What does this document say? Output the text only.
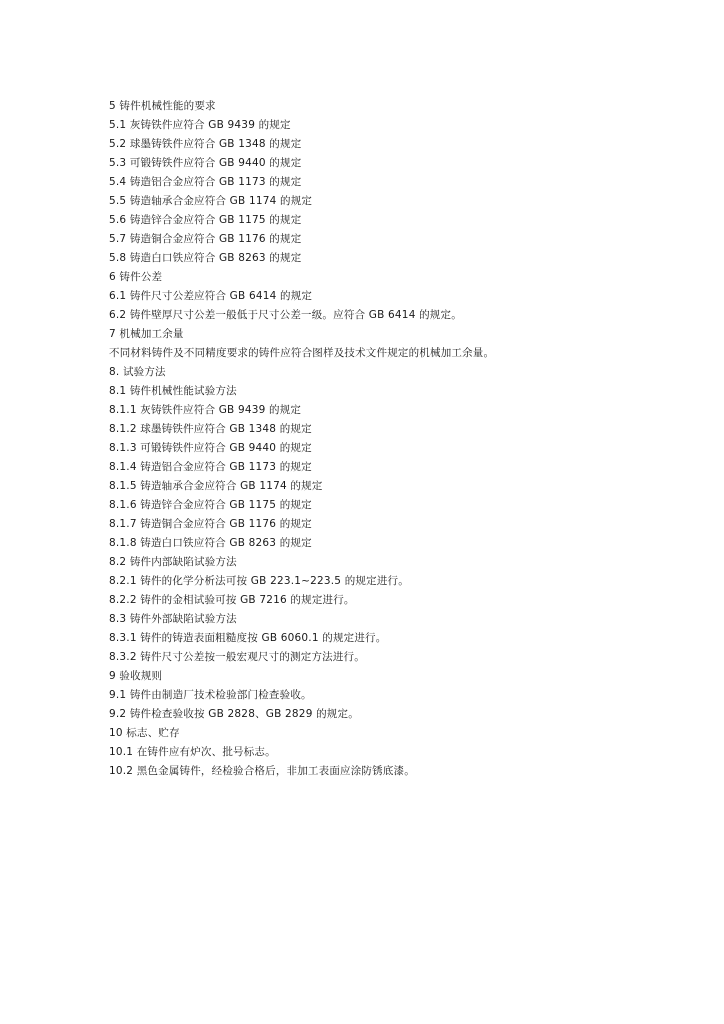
5 铸件机械性能的要求
5.1 灰铸铁件应符合 GB 9439 的规定
5.2 球墨铸铁件应符合 GB 1348 的规定
5.3 可锻铸铁件应符合 GB 9440 的规定
5.4 铸造铝合金应符合 GB 1173 的规定
5.5 铸造轴承合金应符合 GB 1174 的规定
5.6 铸造锌合金应符合 GB 1175 的规定
5.7 铸造铜合金应符合 GB 1176 的规定
5.8 铸造白口铁应符合 GB 8263 的规定
6 铸件公差
6.1 铸件尺寸公差应符合 GB 6414 的规定
6.2 铸件壁厚尺寸公差一般低于尺寸公差一级。应符合 GB 6414 的规定。
7 机械加工余量
不同材料铸件及不同精度要求的铸件应符合图样及技术文件规定的机械加工余量。
8. 试验方法
8.1 铸件机械性能试验方法
8.1.1 灰铸铁件应符合 GB 9439 的规定
8.1.2 球墨铸铁件应符合 GB 1348 的规定
8.1.3 可锻铸铁件应符合 GB 9440 的规定
8.1.4 铸造铝合金应符合 GB 1173 的规定
8.1.5 铸造轴承合金应符合 GB 1174 的规定
8.1.6 铸造锌合金应符合 GB 1175 的规定
8.1.7 铸造铜合金应符合 GB 1176 的规定
8.1.8 铸造白口铁应符合 GB 8263 的规定
8.2 铸件内部缺陷试验方法
8.2.1 铸件的化学分析法可按 GB 223.1~223.5 的规定进行。
8.2.2 铸件的金相试验可按 GB 7216 的规定进行。
8.3 铸件外部缺陷试验方法
8.3.1 铸件的铸造表面粗糙度按 GB 6060.1 的规定进行。
8.3.2 铸件尺寸公差按一般宏观尺寸的测定方法进行。
9 验收规则
9.1 铸件由制造厂技术检验部门检查验收。
9.2 铸件检查验收按 GB 2828、GB 2829 的规定。
10 标志、贮存
10.1 在铸件应有炉次、批号标志。
10.2 黑色金属铸件，经检验合格后，非加工表面应涂防锈底漆。
